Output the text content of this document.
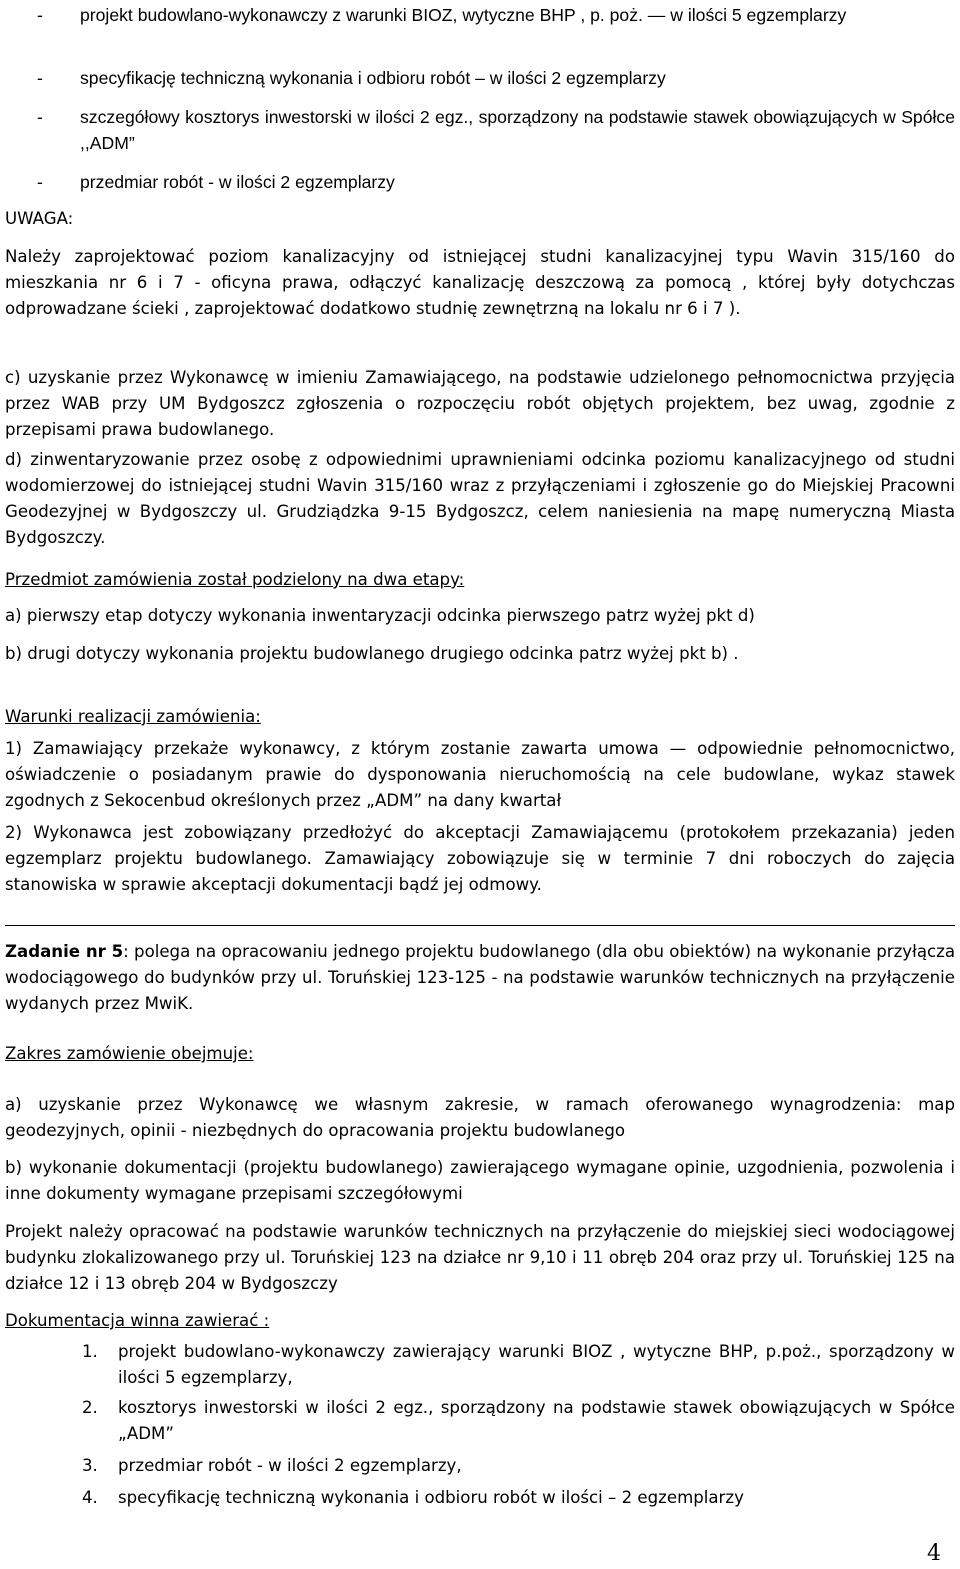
- projekt budowlano-wykonawczy z warunki BIOZ, wytyczne BHP , p. poż. — w ilości 5 egzemplarzy
- specyfikację techniczną wykonania i odbioru robót – w ilości 2 egzemplarzy
- szczegółowy kosztorys inwestorski w ilości 2 egz., sporządzony na podstawie stawek obowiązujących w Spółce ,,ADM”
- przedmiar robót - w ilości 2 egzemplarzy
UWAGA:

Należy zaprojektować poziom kanalizacyjny od istniejącej studni kanalizacyjnej typu Wavin 315/160 do mieszkania nr 6 i 7 - oficyna prawa, odłączyć kanalizację deszczową za pomocą , której były dotychczas odprowadzane ścieki , zaprojektować dodatkowo studnię zewnętrzną na lokalu nr 6 i 7 ).

c) uzyskanie przez Wykonawcę w imieniu Zamawiającego, na podstawie udzielonego pełnomocnictwa przyjęcia przez WAB przy UM Bydgoszcz zgłoszenia o rozpoczęciu robót objętych projektem, bez uwag, zgodnie z przepisami prawa budowlanego.

d) zinwentaryzowanie przez osobę z odpowiednimi uprawnieniami odcinka poziomu kanalizacyjnego od studni wodomierzowej do istniejącej studni Wavin 315/160 wraz z przyłączeniami i zgłoszenie go do Miejskiej Pracowni Geodezyjnej w Bydgoszczy ul. Grudziądzka 9-15 Bydgoszcz, celem naniesienia na mapę numeryczną Miasta Bydgoszczy.

Przedmiot zamówienia został podzielony na dwa etapy:
a) pierwszy etap dotyczy wykonania inwentaryzacji odcinka pierwszego patrz wyżej pkt d)
b) drugi dotyczy wykonania projektu budowlanego drugiego odcinka patrz wyżej pkt b) .
Warunki realizacji zamówienia:

1) Zamawiający przekaże wykonawcy, z którym zostanie zawarta umowa — odpowiednie pełnomocnictwo, oświadczenie o posiadanym prawie do dysponowania nieruchomością na cele budowlane, wykaz stawek zgodnych z Sekocenbud określonych przez „ADM” na dany kwartał

2) Wykonawca jest zobowiązany przedłożyć do akceptacji Zamawiającemu (protokołem przekazania) jeden egzemplarz projektu budowlanego. Zamawiający zobowiązuje się w terminie 7 dni roboczych do zajęcia stanowiska w sprawie akceptacji dokumentacji bądź jej odmowy.

Zadanie nr 5: polega na opracowaniu jednego projektu budowlanego (dla obu obiektów) na wykonanie przyłącza wodociągowego do budynków przy ul. Toruńskiej 123-125 - na podstawie warunków technicznych na przyłączenie wydanych przez MwiK.

Zakres zamówienie obejmuje:

a) uzyskanie przez Wykonawcę we własnym zakresie, w ramach oferowanego wynagrodzenia: map geodezyjnych, opinii - niezbędnych do opracowania projektu budowlanego

b) wykonanie dokumentacji (projektu budowlanego) zawierającego wymagane opinie, uzgodnienia, pozwolenia i inne dokumenty wymagane przepisami szczegółowymi

Projekt należy opracować na podstawie warunków technicznych na przyłączenie do miejskiej sieci wodociągowej budynku zlokalizowanego przy ul. Toruńskiej 123 na działce nr 9,10 i 11 obręb 204 oraz przy ul. Toruńskiej 125 na działce 12 i 13 obręb 204 w Bydgoszczy

Dokumentacja winna zawierać :
1. projekt budowlano-wykonawczy zawierający warunki BIOZ , wytyczne BHP, p.poż., sporządzony w ilości 5 egzemplarzy,
2. kosztorys inwestorski w ilości 2 egz., sporządzony na podstawie stawek obowiązujących w Spółce „ADM”
3. przedmiar robót - w ilości 2 egzemplarzy,
4. specyfikację techniczną wykonania i odbioru robót w ilości – 2 egzemplarzy
4
